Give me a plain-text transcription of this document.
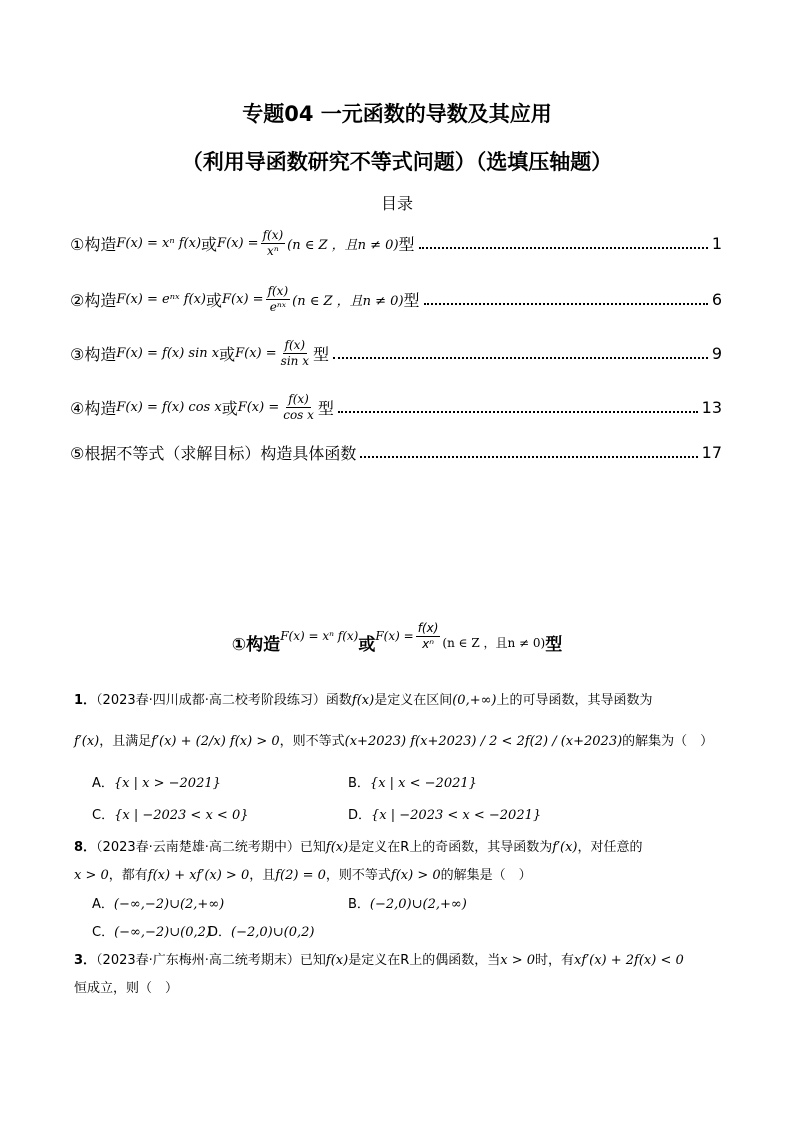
专题04 一元函数的导数及其应用
（利用导函数研究不等式问题）（选填压轴题）
目录
①构造 F(x) = xⁿ f(x) 或 $F(x) = \frac{f(x)}{\text{xⁿ}} (n$ ∈ Z ，且n ≠ 0) 型	1
②构造 F(x) = eⁿˣ f(x) 或 $F(x) = \frac{f(x)}{\text{eⁿˣ}} (n$ ∈ Z ，且n ≠ 0) 型	6
③构造 F(x) = f(x) sin x 或 $F(x) = \frac{f(x)}{\text{sin x}}$ 型	9
④构造 F(x) = f(x) cos x 或 $F(x) = \frac{f(x)}{\text{cos x}}$ 型	13
⑤根据不等式（求解目标）构造具体函数	17
①构造 F(x) = xⁿ f(x) 或 $F(x) = \frac{f(x)}{\text{xⁿ}} (n$ ∈ Z ，且n ≠ 0) 型
1．（2023春·四川成都·高二校考阶段练习）函数f(x)是定义在区间(0,+∞)上的可导函数，其导函数为
f′(x)，且满足f′(x) + (2/x) f(x) > 0，则不等式(x+2023) f(x+2023) / 2 < 2f(2) / (x+2023)的解集为（　）
A．{x | x > −2021}	B．{x | x < −2021}
C．{x | −2023 < x < 0}	D．{x | −2023 < x < −2021}
8．（2023春·云南楚雄·高二统考期中）已知f(x)是定义在R上的奇函数，其导函数为f′(x)，对任意的
x > 0，都有f(x) + xf′(x) > 0，且f(2) = 0，则不等式f(x) > 0的解集是（　）
A．(−∞,−2)∪(2,+∞)	B．(−2,0)∪(2,+∞)
C．(−∞,−2)∪(0,2)
D．(−2,0)∪(0,2)
3．（2023春·广东梅州·高二统考期末）已知f(x)是定义在R上的偶函数，当x > 0时，有xf′(x) + 2f(x) < 0
恒成立，则（　）
